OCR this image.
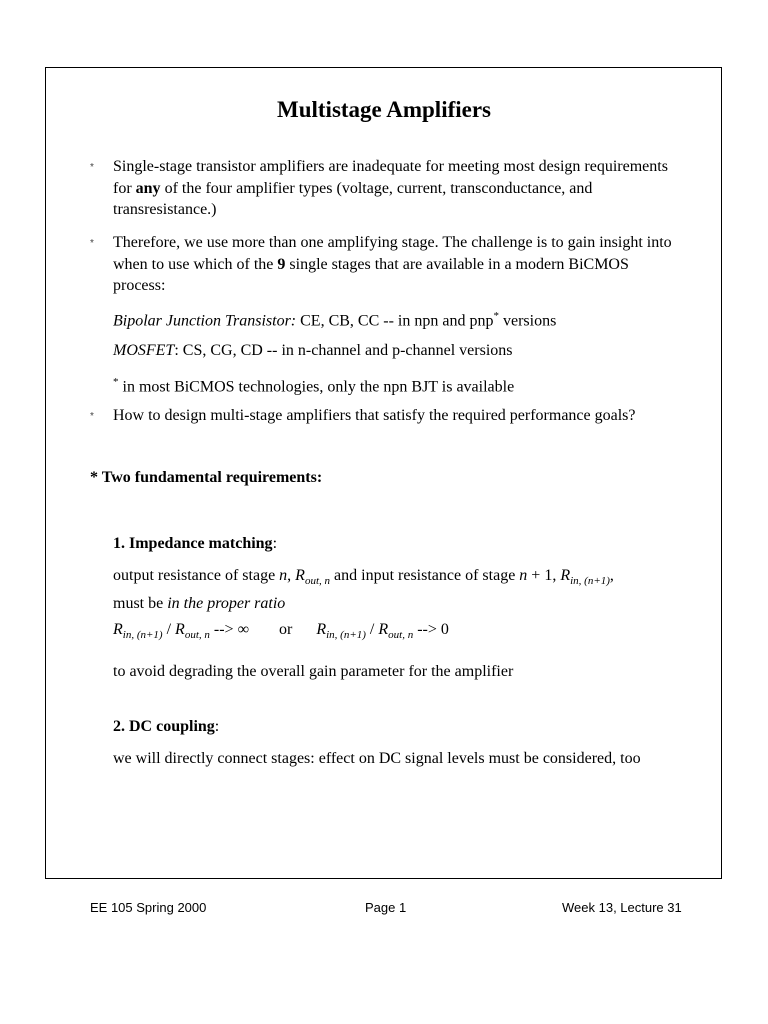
Multistage Amplifiers
* Single-stage transistor amplifiers are inadequate for meeting most design requirements for any of the four amplifier types (voltage, current, transconductance, and transresistance.)
* Therefore, we use more than one amplifying stage. The challenge is to gain insight into when to use which of the 9 single stages that are available in a modern BiCMOS process:
Bipolar Junction Transistor: CE, CB, CC -- in npn and pnp* versions
MOSFET: CS, CG, CD -- in n-channel and p-channel versions
* in most BiCMOS technologies, only the npn BJT is available
* How to design multi-stage amplifiers that satisfy the required performance goals?
* Two fundamental requirements:
1. Impedance matching:
output resistance of stage n, $R_{out, n}$ and input resistance of stage n + 1, $R_{in, (n+1)}$,
must be in the proper ratio
$R_{in, (n+1)} / R_{out, n}$ --> ∞ or $R_{in, (n+1)} / R_{out, n}$ --> 0
to avoid degrading the overall gain parameter for the amplifier
2. DC coupling:
we will directly connect stages: effect on DC signal levels must be considered, too
EE 105 Spring 2000	Page 1	Week 13, Lecture 31
